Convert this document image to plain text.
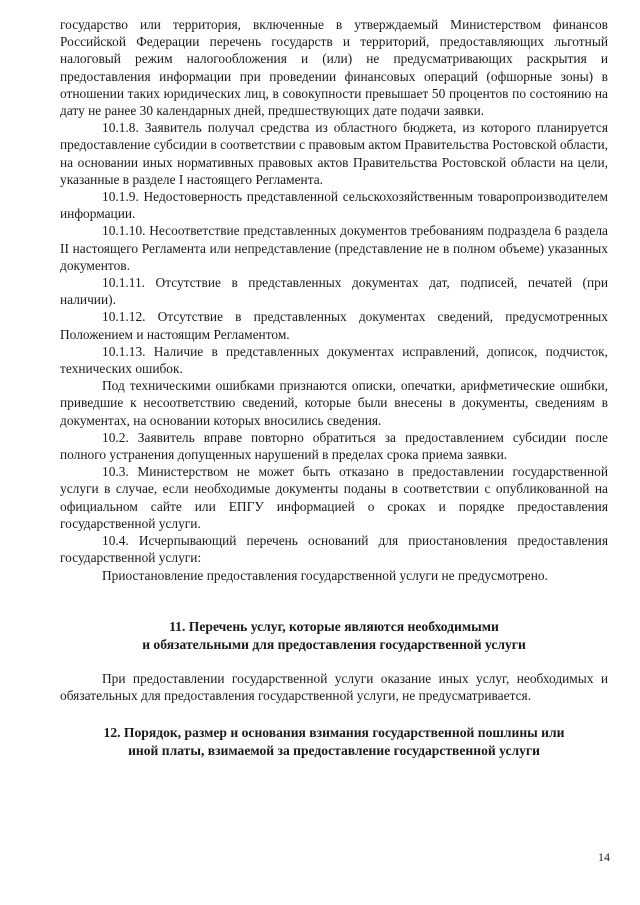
государство или территория, включенные в утверждаемый Министерством финансов Российской Федерации перечень государств и территорий, предоставляющих льготный налоговый режим налогообложения и (или) не предусматривающих раскрытия и предоставления информации при проведении финансовых операций (офшорные зоны) в отношении таких юридических лиц, в совокупности превышает 50 процентов по состоянию на дату не ранее 30 календарных дней, предшествующих дате подачи заявки.

10.1.8. Заявитель получал средства из областного бюджета, из которого планируется предоставление субсидии в соответствии с правовым актом Правительства Ростовской области, на основании иных нормативных правовых актов Правительства Ростовской области на цели, указанные в разделе I настоящего Регламента.

10.1.9. Недостоверность представленной сельскохозяйственным товаропроизводителем информации.

10.1.10. Несоответствие представленных документов требованиям подраздела 6 раздела II настоящего Регламента или непредставление (представление не в полном объеме) указанных документов.

10.1.11. Отсутствие в представленных документах дат, подписей, печатей (при наличии).

10.1.12. Отсутствие в представленных документах сведений, предусмотренных Положением и настоящим Регламентом.

10.1.13. Наличие в представленных документах исправлений, дописок, подчисток, технических ошибок.

Под техническими ошибками признаются описки, опечатки, арифметические ошибки, приведшие к несоответствию сведений, которые были внесены в документы, сведениям в документах, на основании которых вносились сведения.

10.2. Заявитель вправе повторно обратиться за предоставлением субсидии после полного устранения допущенных нарушений в пределах срока приема заявки.

10.3. Министерством не может быть отказано в предоставлении государственной услуги в случае, если необходимые документы поданы в соответствии с опубликованной на официальном сайте или ЕПГУ информацией о сроках и порядке предоставления государственной услуги.

10.4. Исчерпывающий перечень оснований для приостановления предоставления государственной услуги:

Приостановление предоставления государственной услуги не предусмотрено.

11. Перечень услуг, которые являются необходимыми

и обязательными для предоставления государственной услуги

При предоставлении государственной услуги оказание иных услуг, необходимых и обязательных для предоставления государственной услуги, не предусматривается.

12. Порядок, размер и основания взимания государственной пошлины или

иной платы, взимаемой за предоставление государственной услуги

14
